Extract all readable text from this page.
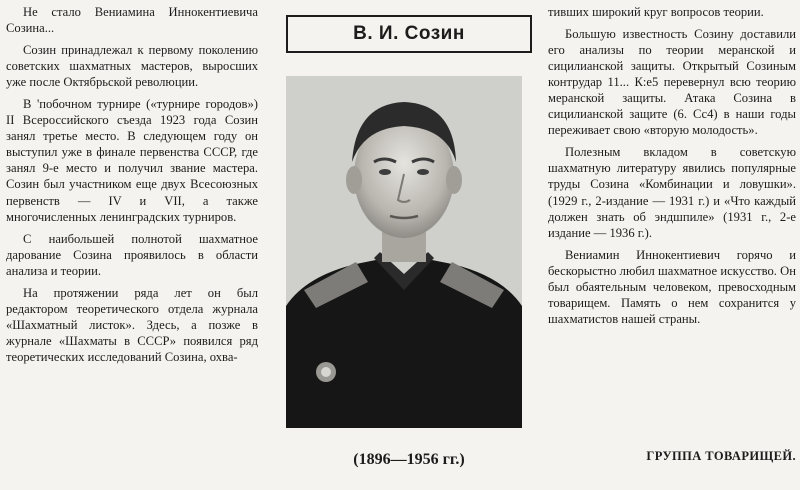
Не стало Вениамина Иннокентиевича Созина...

Созин принадлежал к первому поколению советских шахматных мастеров, выросших уже после Октябрьской революции.

В 'побочном турнире («турнире городов») II Всероссийского съезда 1923 года Созин занял третье место. В следующем году он выступил уже в финале первенства СССР, где занял 9-е место и получил звание мастера. Созин был участником еще двух Всесоюзных первенств — IV и VII, а также многочисленных ленинградских турниров.

С наибольшей полнотой шахматное дарование Созина проявилось в области анализа и теории.

На протяжении ряда лет он был редактором теоретического отдела журнала «Шахматный листок». Здесь, а позже в журнале «Шахматы в СССР» появился ряд теоретических исследований Созина, охва-

В. И. Созин
(1896—1956 гг.)

тивших широкий круг вопросов теории.

Большую известность Созину доставили его анализы по теории меранской и сицилианской защиты. Открытый Созиным контрудар 11... К:е5 перевернул всю теорию меранской защиты. Атака Созина в сицилианской защите (6. Сс4) в наши годы переживает свою «вторую молодость».

Полезным вкладом в советскую шахматную литературу явились популярные труды Созина «Комбинации и ловушки». (1929 г., 2-издание — 1931 г.) и «Что каждый должен знать об эндшпиле» (1931 г., 2-е издание — 1936 г.).

Вениамин Иннокентиевич горячо и бескорыстно любил шахматное искусство. Он был обаятельным человеком, превосходным товарищем. Память о нем сохранится у шахматистов нашей страны.

ГРУППА ТОВАРИЩЕЙ.
